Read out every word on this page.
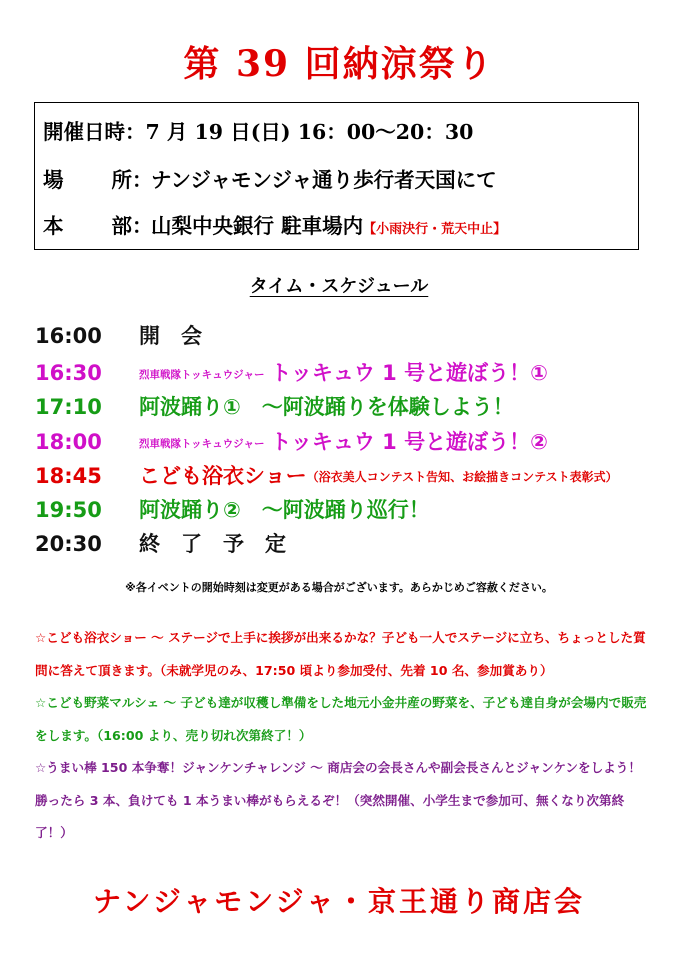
第 39 回納涼祭り
開催日時：7 月 19 日(日) 16：00〜20：30
場 所：ナンジャモンジャ通り歩行者天国にて
本 部：山梨中央銀行 駐車場内【小雨決行・荒天中止】
タイム・スケジュール
16:00 開　会
16:30	烈車戦隊トッキュウジャー トッキュウ 1 号と遊ぼう！①
17:10 阿波踊り①　～阿波踊りを体験しよう！
18:00	烈車戦隊トッキュウジャー トッキュウ 1 号と遊ぼう！②
18:45 こども浴衣ショー（浴衣美人コンテスト告知、お絵描きコンテスト表彰式）
19:50 阿波踊り②　～阿波踊り巡行！
20:30 終　了　予　定
※各イベントの開始時刻は変更がある場合がございます。あらかじめご容赦ください。

☆こども浴衣ショー ～ ステージで上手に挨拶が出来るかな？子ども一人でステージに立ち、ちょっとした質問に答えて頂きます。（未就学児のみ、17:50 頃より参加受付、先着 10 名、参加賞あり）

☆こども野菜マルシェ ～ 子ども達が収穫し準備をした地元小金井産の野菜を、子ども達自身が会場内で販売をします。（16:00 より、売り切れ次第終了！）

☆うまい棒 150 本争奪！ジャンケンチャレンジ ～ 商店会の会長さんや副会長さんとジャンケンをしよう！勝ったら 3 本、負けても 1 本うまい棒がもらえるぞ！（突然開催、小学生まで参加可、無くなり次第終了！）

ナンジャモンジャ・京王通り商店会
